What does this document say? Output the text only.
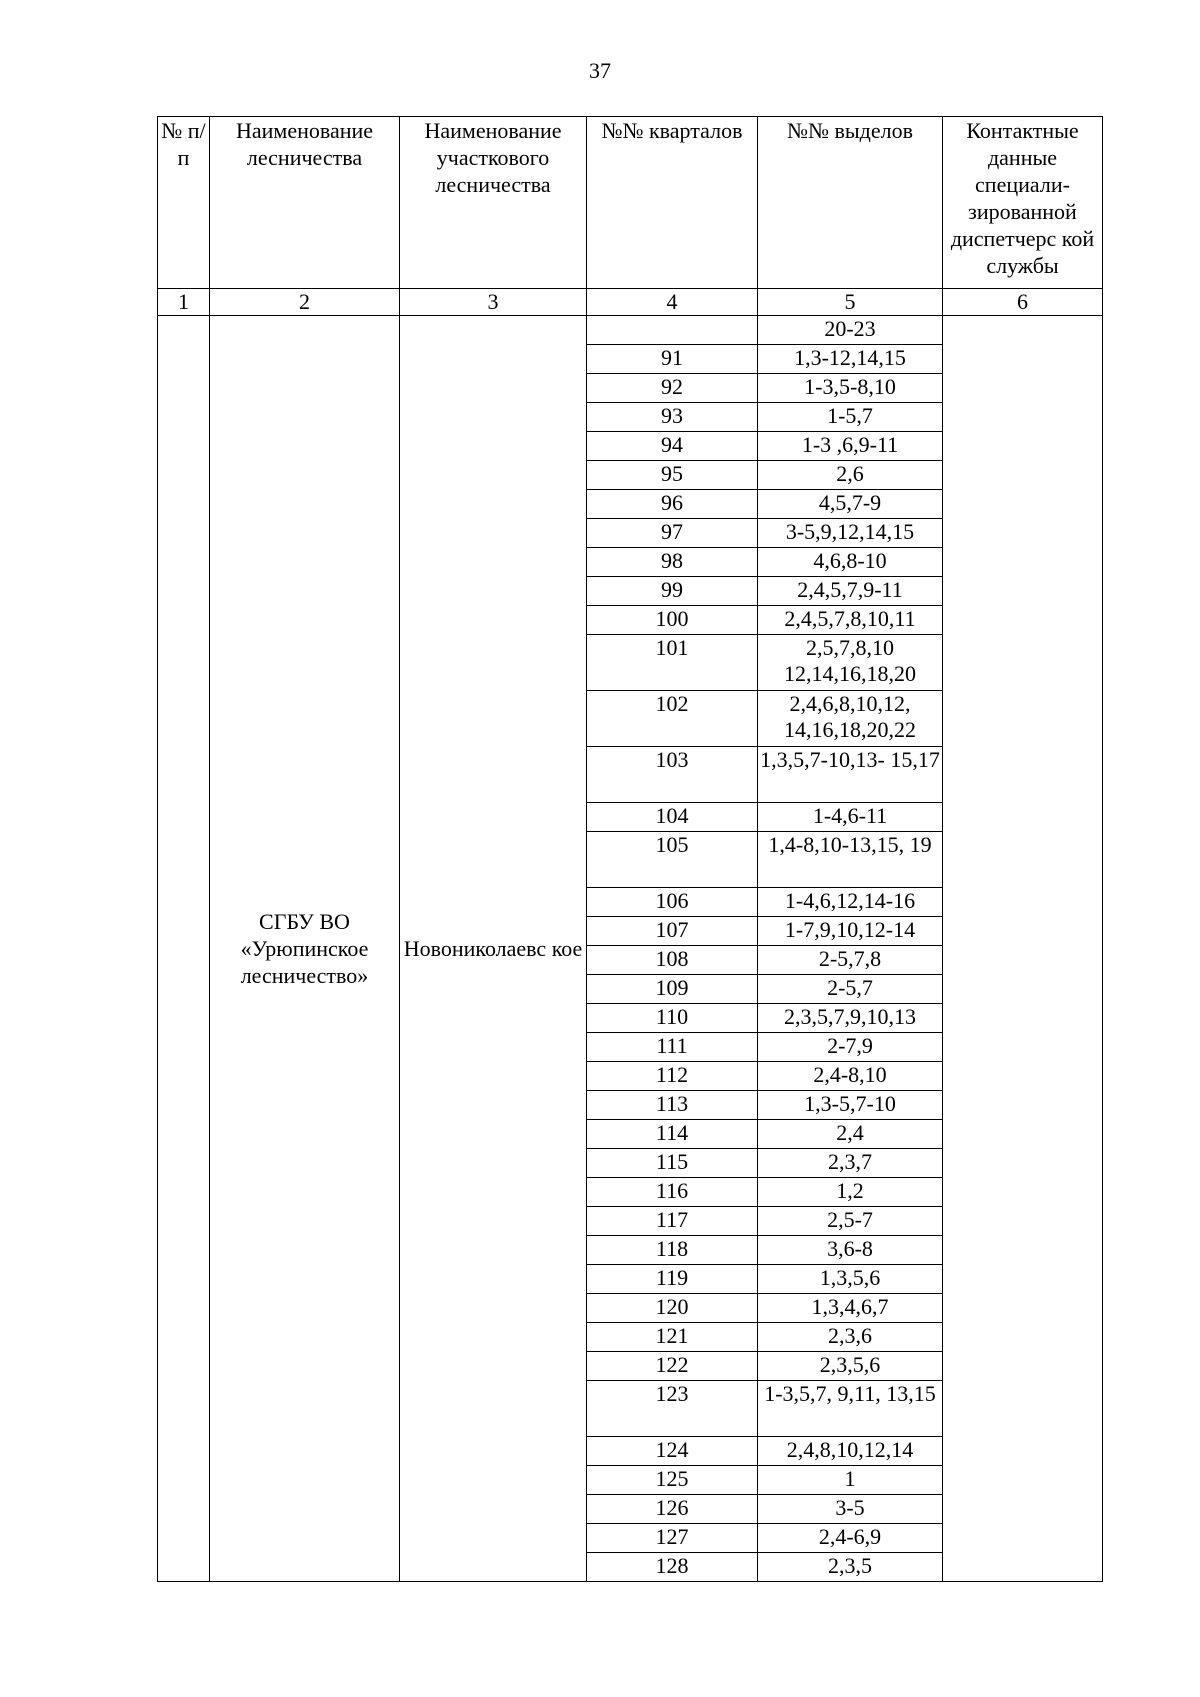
37
№ п/п	Наименование лесничества	Наименование участкового лесничества	№№ кварталов	№№ выделов	Контактные данные специали-зированной диспетчерс кой службы
1	2	3	4	5	6
	СГБУ ВО «Урюпинское лесничество»	Новониколаевс кое		20-23	
			91	1,3-12,14,15	
			92	1-3,5-8,10	
			93	1-5,7	
			94	1-3 ,6,9-11	
			95	2,6	
			96	4,5,7-9	
			97	3-5,9,12,14,15	
			98	4,6,8-10	
			99	2,4,5,7,9-11	
			100	2,4,5,7,8,10,11	
			101	2,5,7,8,10 12,14,16,18,20	
			102	2,4,6,8,10,12, 14,16,18,20,22	
			103	1,3,5,7-10,13- 15,17	
			104	1-4,6-11	
			105	1,4-8,10-13,15, 19	
			106	1-4,6,12,14-16	
			107	1-7,9,10,12-14	
			108	2-5,7,8	
			109	2-5,7	
			110	2,3,5,7,9,10,13	
			111	2-7,9	
			112	2,4-8,10	
			113	1,3-5,7-10	
			114	2,4	
			115	2,3,7	
			116	1,2	
			117	2,5-7	
			118	3,6-8	
			119	1,3,5,6	
			120	1,3,4,6,7	
			121	2,3,6	
			122	2,3,5,6	
			123	1-3,5,7, 9,11, 13,15	
			124	2,4,8,10,12,14	
			125	1	
			126	3-5	
			127	2,4-6,9	
			128	2,3,5	
